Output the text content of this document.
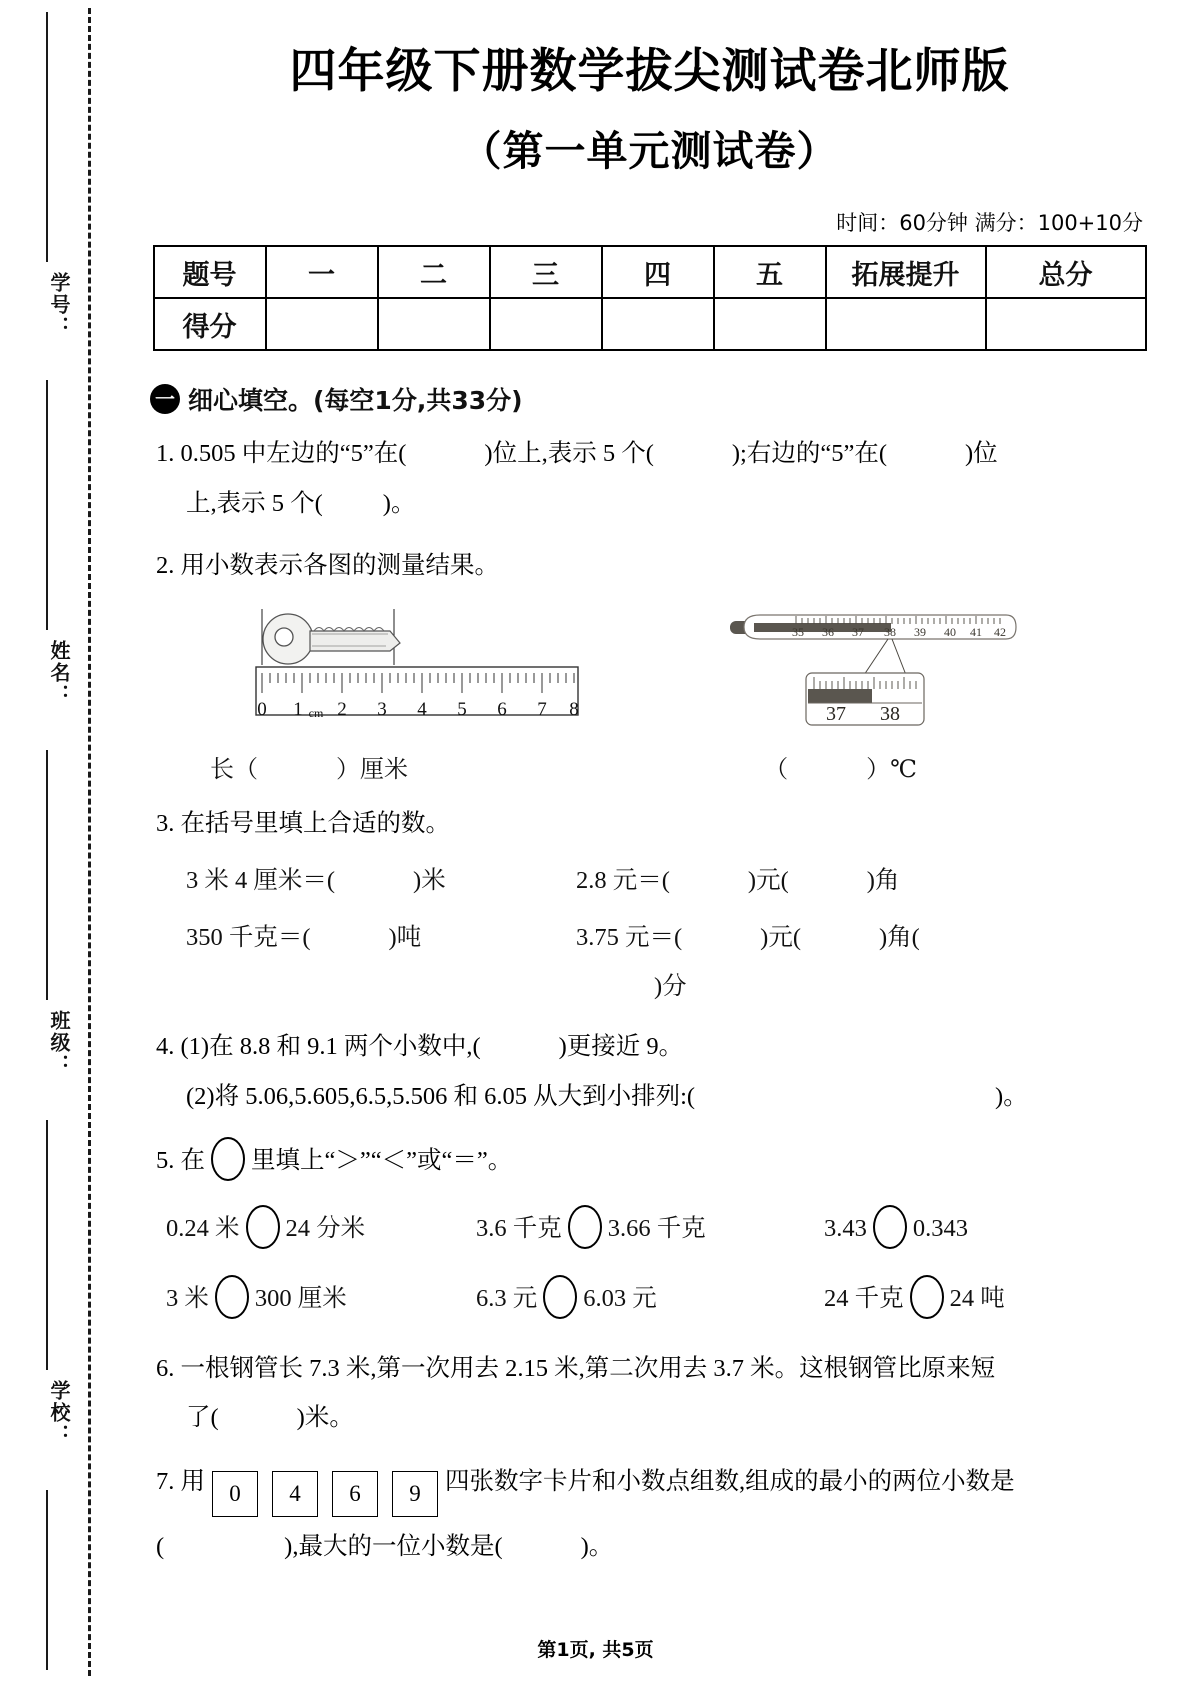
学号：
姓名：
班级：
学校：
四年级下册数学拔尖测试卷北师版
（第一单元测试卷）
时间：60分钟 满分：100+10分
题号	一	二	三	四	五	拓展提升	总分
得分							
一 细心填空。(每空1分,共33分)
1. 0.505 中左边的“5”在(	)位上,表示 5 个(	);右边的“5”在(	)位
上,表示 5 个( )。
2. 用小数表示各图的测量结果。
0 1 cm 2 3 4 5 6 7 8
35 36 37 38 39 40 41 42
37 38
长（	）厘米	（	）℃
3. 在括号里填上合适的数。
3 米 4 厘米＝(	)米	2.8 元＝(	)元(	)角
350 千克＝(	)吨	3.75 元＝(	)元(	)角()分
4. (1)在 8.8 和 9.1 两个小数中,(	)更接近 9。
(2)将 5.06,5.605,6.5,5.506 和 6.05 从大到小排列:(	)。
5. 在 里填上“＞”“＜”或“＝”。
0.24 米 24 分米	3.6 千克 3.66 千克	3.43 0.343
3 米 300 厘米	6.3 元 6.03 元	24 千克 24 吨
6. 一根钢管长 7.3 米,第一次用去 2.15 米,第二次用去 3.7 米。这根钢管比原来短
了(	)米。
7. 用 0 4 6 9 四张数字卡片和小数点组数,组成的最小的两位小数是
(	),最大的一位小数是(	)。
第1页, 共5页
